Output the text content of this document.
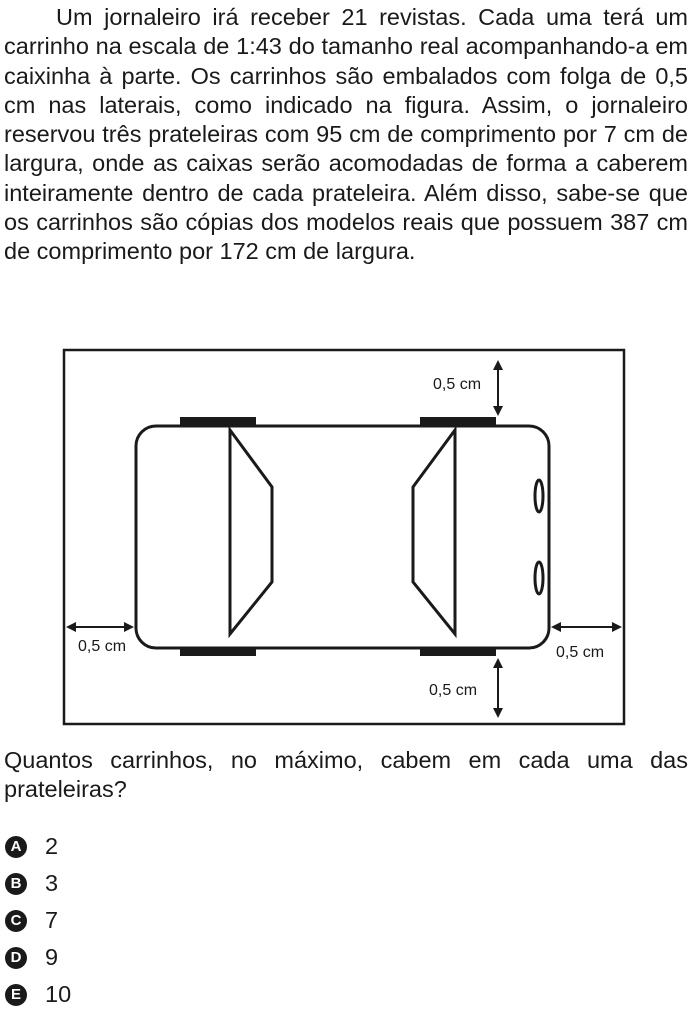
Um jornaleiro irá receber 21 revistas. Cada uma terá um carrinho na escala de 1:43 do tamanho real acompanhando-a em caixinha à parte. Os carrinhos são embalados com folga de 0,5 cm nas laterais, como indicado na figura. Assim, o jornaleiro reservou três prateleiras com 95 cm de comprimento por 7 cm de largura, onde as caixas serão acomodadas de forma a caberem inteiramente dentro de cada prateleira. Além disso, sabe-se que os carrinhos são cópias dos modelos reais que possuem 387 cm de comprimento por 172 cm de largura.
0,5 cm
0,5 cm	0,5 cm
0,5 cm
Quantos carrinhos, no máximo, cabem em cada uma das prateleiras?
A 2
B 3
C 7
D 9
E 10
